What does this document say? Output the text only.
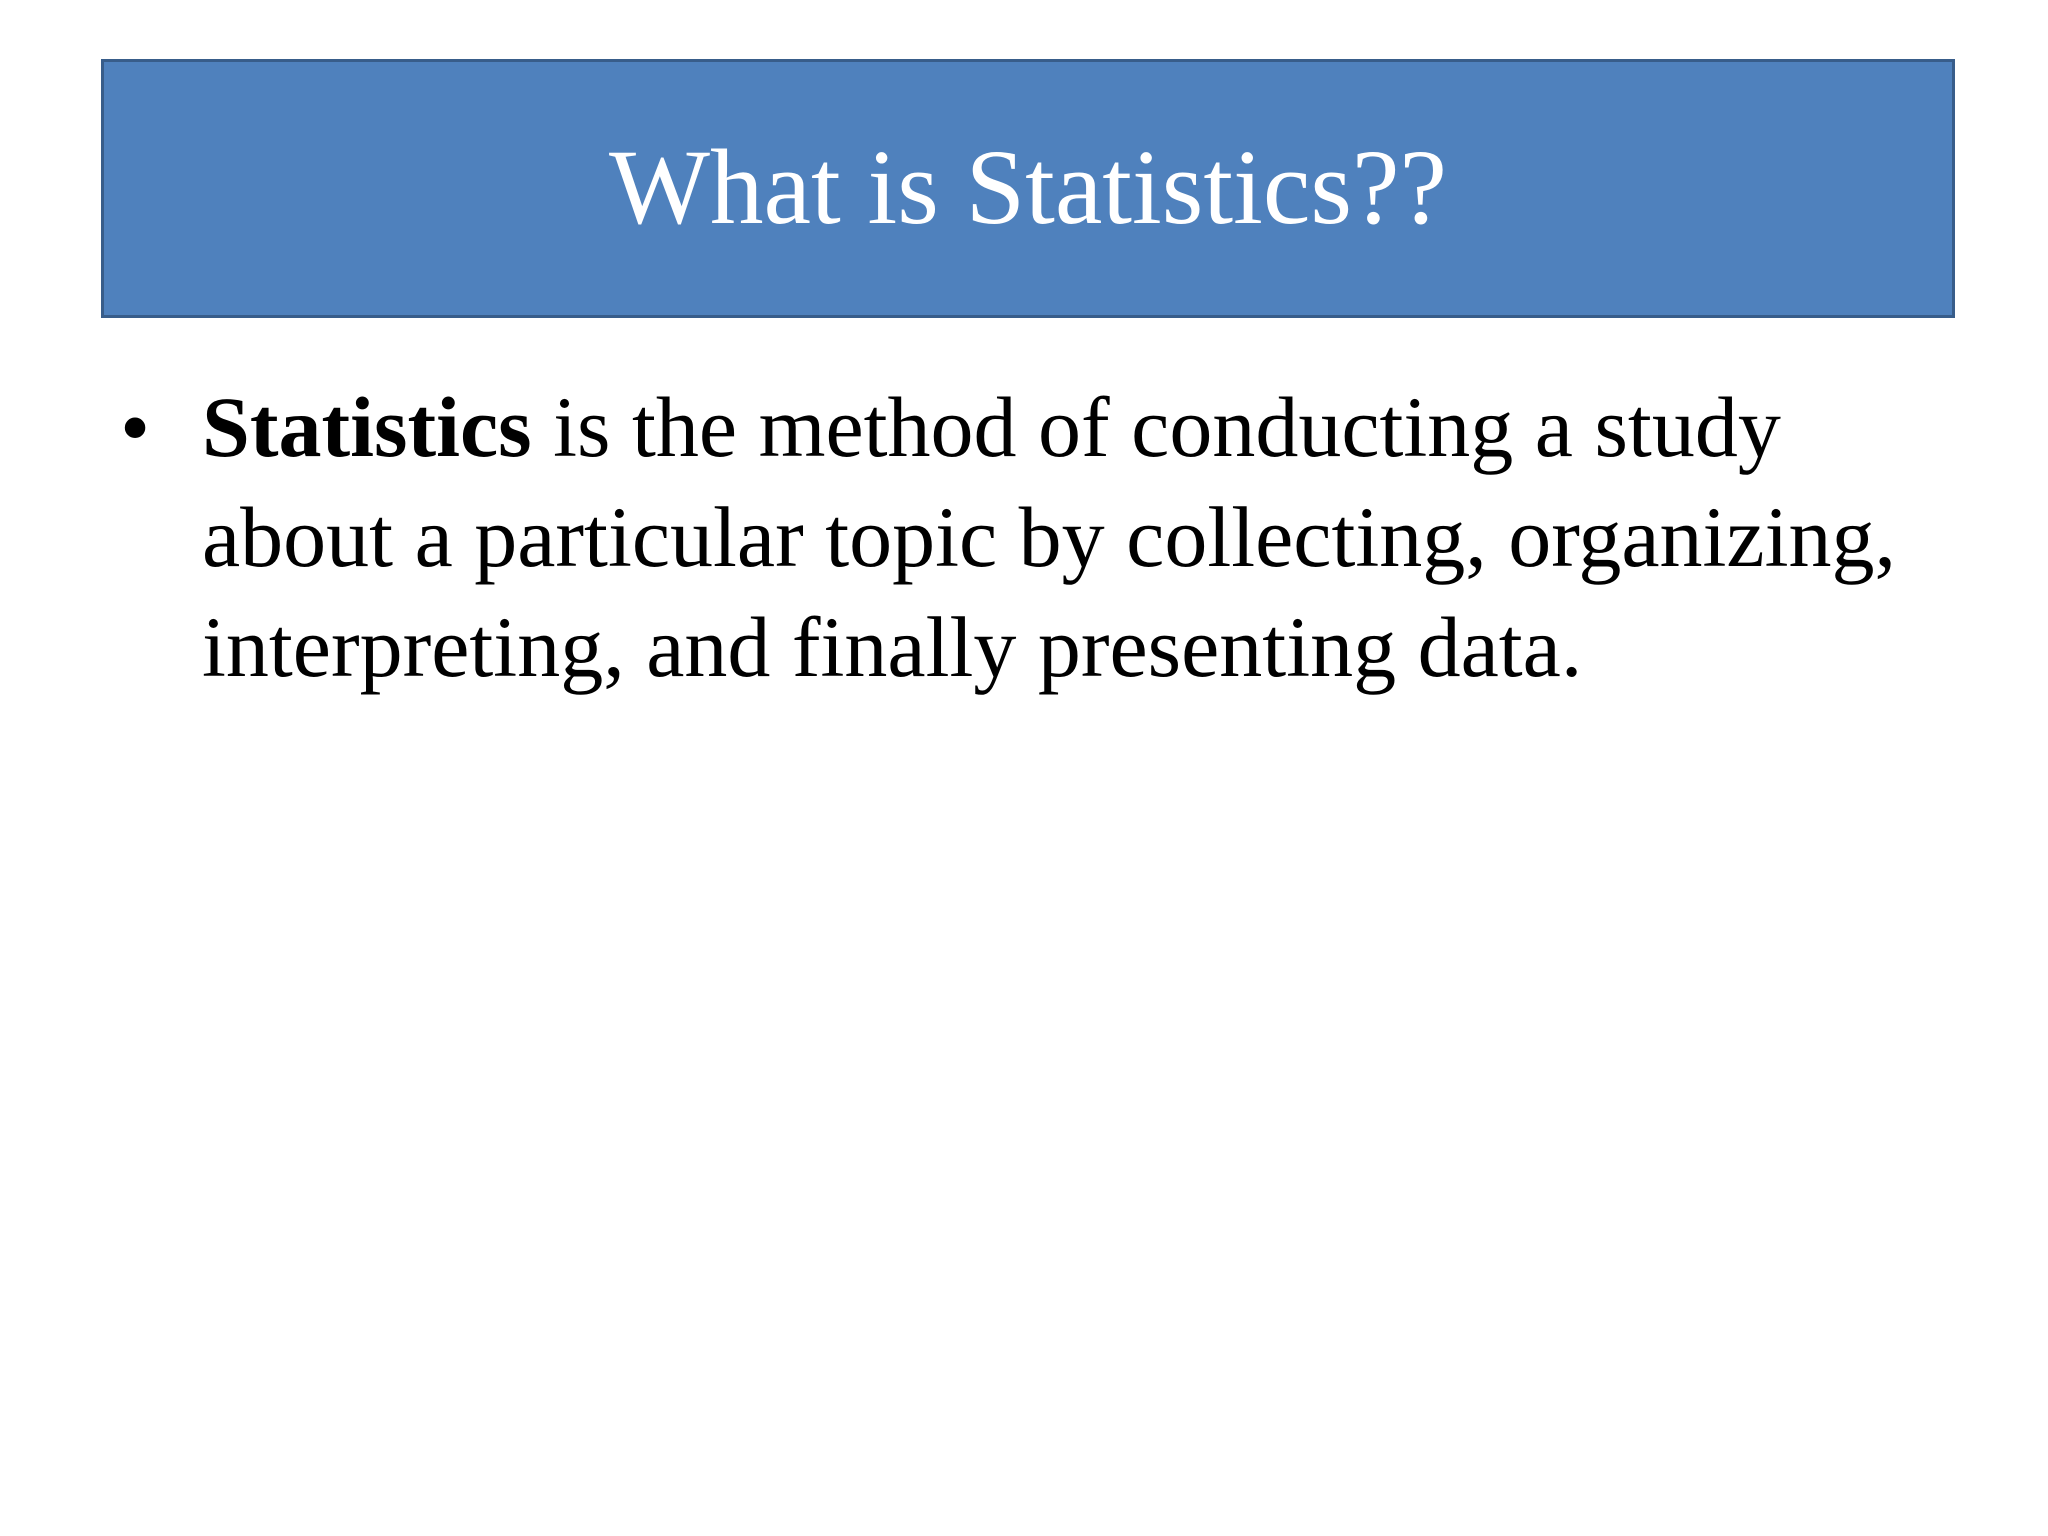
What is Statistics??
• Statistics is the method of conducting a study about a particular topic by collecting, organizing, interpreting, and finally presenting data.
